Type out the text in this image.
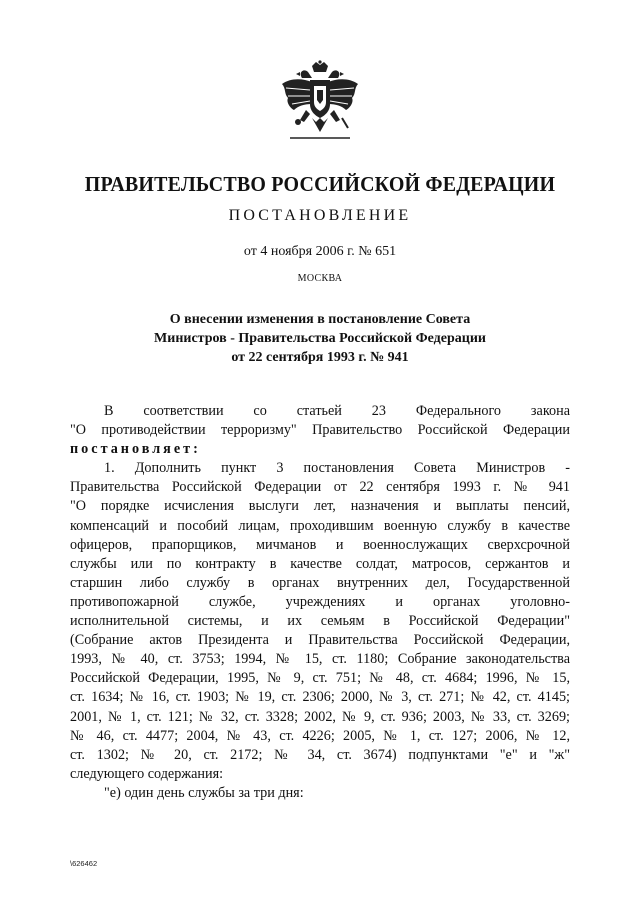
ПРАВИТЕЛЬСТВО РОССИЙСКОЙ ФЕДЕРАЦИИ
ПОСТАНОВЛЕНИЕ
от 4 ноября 2006 г. № 651
МОСКВА
О внесении изменения в постановление Совета
Министров - Правительства Российской Федерации
от 22 сентября 1993 г. № 941
В соответствии со статьей 23 Федерального закона
"О противодействии терроризму" Правительство Российской Федерации
постановляет:
1. Дополнить пункт 3 постановления Совета Министров -
Правительства Российской Федерации от 22 сентября 1993 г. № 941
"О порядке исчисления выслуги лет, назначения и выплаты пенсий,
компенсаций и пособий лицам, проходившим военную службу в качестве
офицеров, прапорщиков, мичманов и военнослужащих сверхсрочной
службы или по контракту в качестве солдат, матросов, сержантов и
старшин либо службу в органах внутренних дел, Государственной
противопожарной службе, учреждениях и органах уголовно-
исполнительной системы, и их семьям в Российской Федерации"
(Собрание актов Президента и Правительства Российской Федерации,
1993, № 40, ст. 3753; 1994, № 15, ст. 1180; Собрание законодательства
Российской Федерации, 1995, № 9, ст. 751; № 48, ст. 4684; 1996, № 15,
ст. 1634; № 16, ст. 1903; № 19, ст. 2306; 2000, № 3, ст. 271; № 42, ст. 4145;
2001, № 1, ст. 121; № 32, ст. 3328; 2002, № 9, ст. 936; 2003, № 33, ст. 3269;
№ 46, ст. 4477; 2004, № 43, ст. 4226; 2005, № 1, ст. 127; 2006, № 12,
ст. 1302; № 20, ст. 2172; № 34, ст. 3674) подпунктами "е" и "ж"
следующего содержания:
"е) один день службы за три дня:
\626462
